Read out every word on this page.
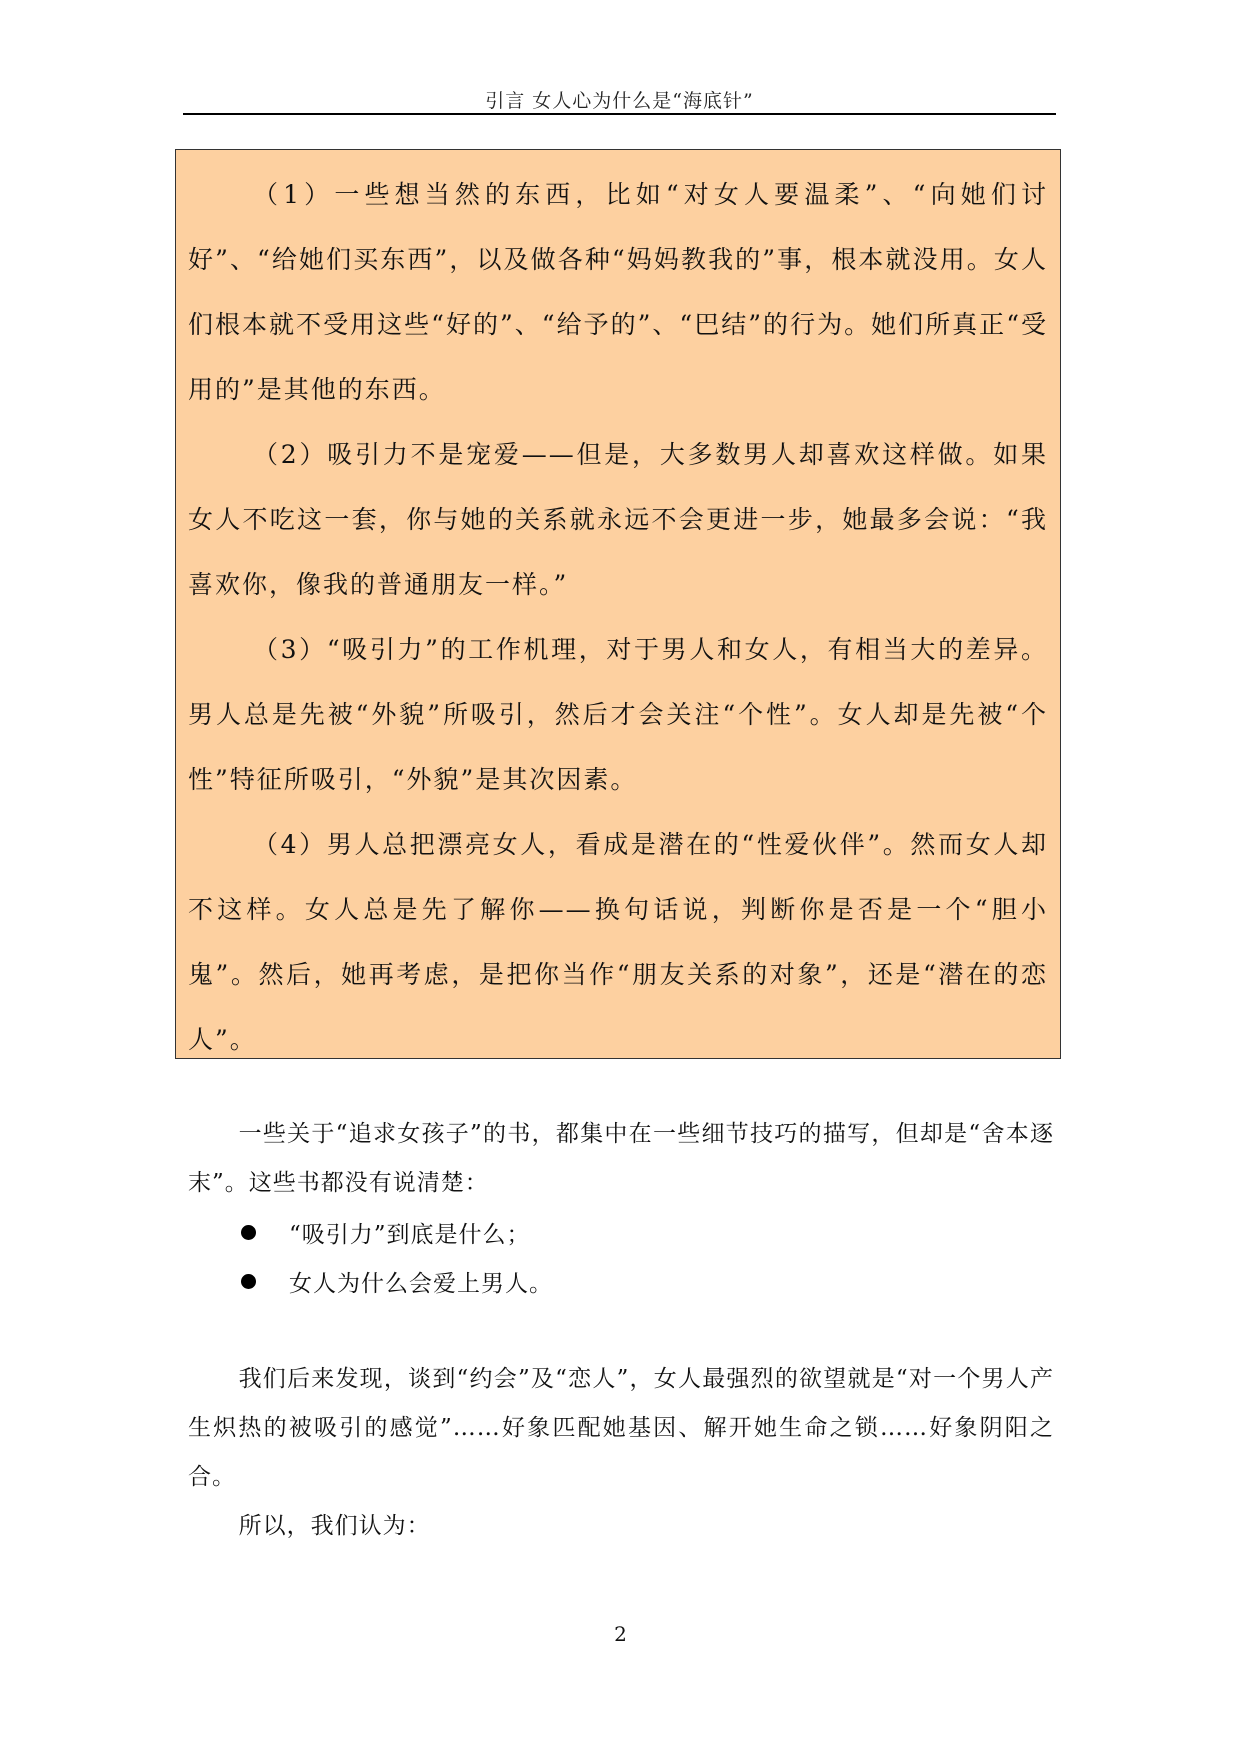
引言 女人心为什么是“海底针”

（1）一些想当然的东西，比如“对女人要温柔”、“向她们讨好”、“给她们买东西”，以及做各种“妈妈教我的”事，根本就没用。女人们根本就不受用这些“好的”、“给予的”、“巴结”的行为。她们所真正“受用的”是其他的东西。

（2）吸引力不是宠爱——但是，大多数男人却喜欢这样做。如果女人不吃这一套，你与她的关系就永远不会更进一步，她最多会说：“我喜欢你，像我的普通朋友一样。”

（3）“吸引力”的工作机理，对于男人和女人，有相当大的差异。男人总是先被“外貌”所吸引，然后才会关注“个性”。女人却是先被“个性”特征所吸引，“外貌”是其次因素。

（4）男人总把漂亮女人，看成是潜在的“性爱伙伴”。然而女人却不这样。女人总是先了解你——换句话说，判断你是否是一个“胆小鬼”。然后，她再考虑，是把你当作“朋友关系的对象”，还是“潜在的恋人”。

一些关于“追求女孩子”的书，都集中在一些细节技巧的描写，但却是“舍本逐末”。这些书都没有说清楚：

“吸引力”到底是什么；
女人为什么会爱上男人。

我们后来发现，谈到“约会”及“恋人”，女人最强烈的欲望就是“对一个男人产生炽热的被吸引的感觉”……好象匹配她基因、解开她生命之锁……好象阴阳之合。

所以，我们认为：

2
